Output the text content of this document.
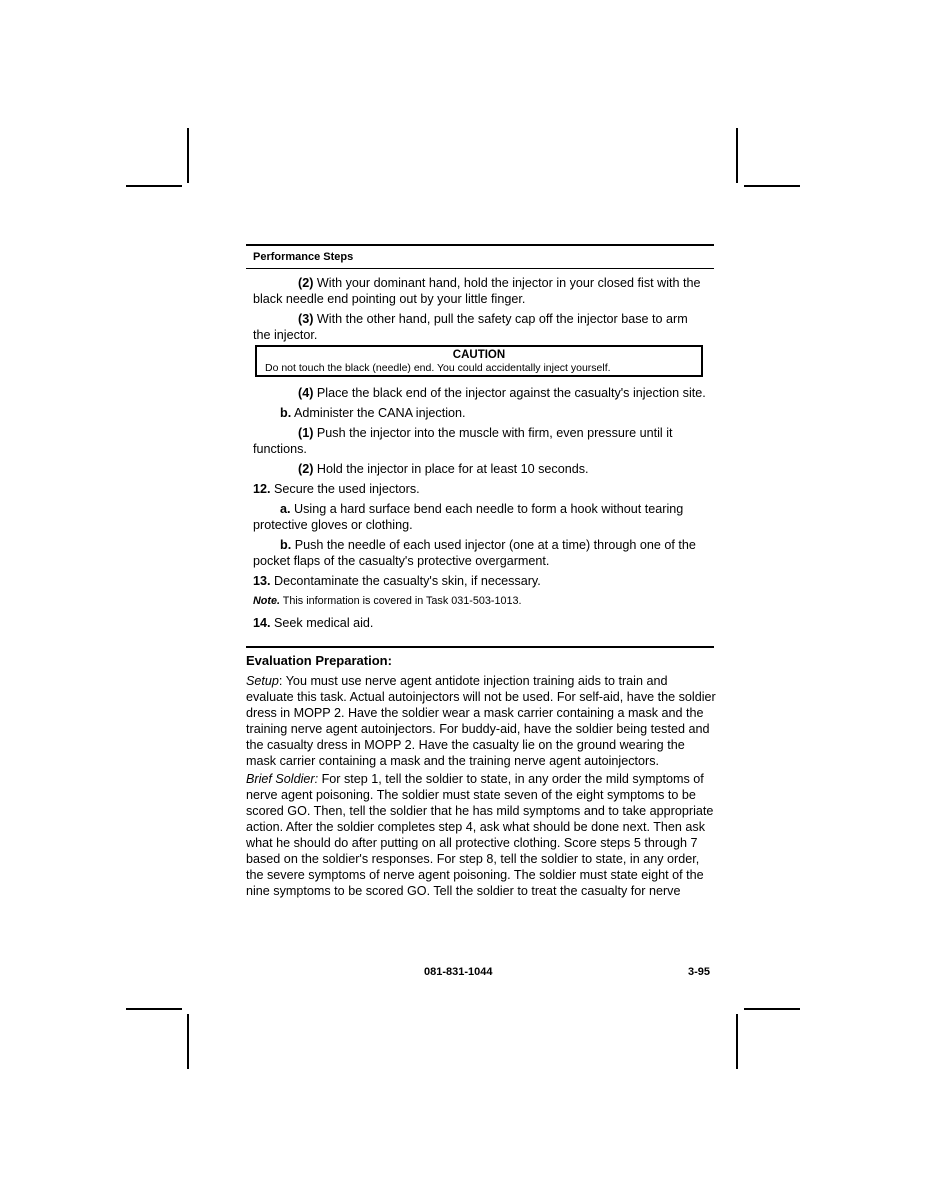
Performance Steps

(2) With your dominant hand, hold the injector in your closed fist with the black needle end pointing out by your little finger.

(3) With the other hand, pull the safety cap off the injector base to arm the injector.

CAUTION
Do not touch the black (needle) end. You could accidentally inject yourself.

(4) Place the black end of the injector against the casualty's injection site.

b. Administer the CANA injection.

(1) Push the injector into the muscle with firm, even pressure until it functions.

(2) Hold the injector in place for at least 10 seconds.

12. Secure the used injectors.

a. Using a hard surface bend each needle to form a hook without tearing protective gloves or clothing.

b. Push the needle of each used injector (one at a time) through one of the pocket flaps of the casualty's protective overgarment.

13. Decontaminate the casualty's skin, if necessary.

Note. This information is covered in Task 031-503-1013.

14. Seek medical aid.

Evaluation Preparation:

Setup: You must use nerve agent antidote injection training aids to train and evaluate this task. Actual autoinjectors will not be used. For self-aid, have the soldier dress in MOPP 2. Have the soldier wear a mask carrier containing a mask and the training nerve agent autoinjectors. For buddy-aid, have the soldier being tested and the casualty dress in MOPP 2. Have the casualty lie on the ground wearing the mask carrier containing a mask and the training nerve agent autoinjectors.

Brief Soldier: For step 1, tell the soldier to state, in any order the mild symptoms of nerve agent poisoning. The soldier must state seven of the eight symptoms to be scored GO. Then, tell the soldier that he has mild symptoms and to take appropriate action. After the soldier completes step 4, ask what should be done next. Then ask what he should do after putting on all protective clothing. Score steps 5 through 7 based on the soldier's responses. For step 8, tell the soldier to state, in any order, the severe symptoms of nerve agent poisoning. The soldier must state eight of the nine symptoms to be scored GO. Tell the soldier to treat the casualty for nerve

081-831-1044	3-95
